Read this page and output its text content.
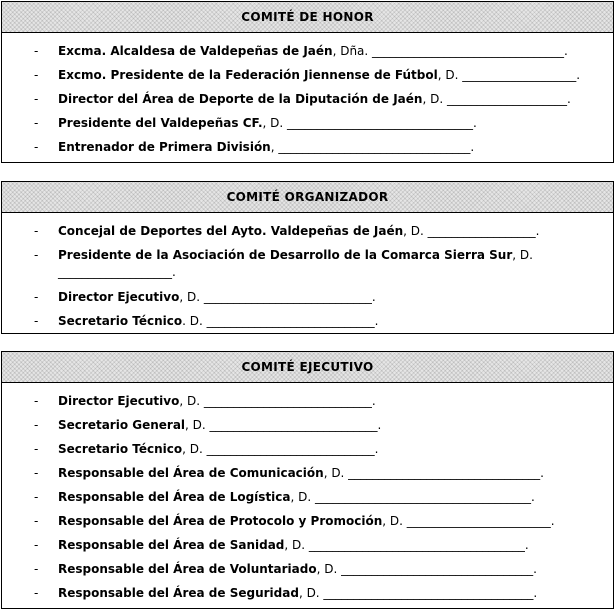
COMITÉ DE HONOR
- Excma. Alcaldesa de Valdepeñas de Jaén, Dña. ________________________________.
- Excmo. Presidente de la Federación Jiennense de Fútbol, D. ___________________.
- Director del Área de Deporte de la Diputación de Jaén, D. ____________________.
- Presidente del Valdepeñas CF., D. _______________________________.
- Entrenador de Primera División, ________________________________.
COMITÉ ORGANIZADOR
- Concejal de Deportes del Ayto. Valdepeñas de Jaén, D. __________________.
- Presidente de la Asociación de Desarrollo de la Comarca Sierra Sur, D. ___________________.
- Director Ejecutivo, D. ____________________________.
- Secretario Técnico. D. ____________________________.
COMITÉ EJECUTIVO
- Director Ejecutivo, D. ____________________________.
- Secretario General, D. ____________________________.
- Secretario Técnico, D. ____________________________.
- Responsable del Área de Comunicación, D. ________________________________.
- Responsable del Área de Logística, D. ____________________________________.
- Responsable del Área de Protocolo y Promoción, D. ________________________.
- Responsable del Área de Sanidad, D. ____________________________________.
- Responsable del Área de Voluntariado, D. ________________________________.
- Responsable del Área de Seguridad, D. ___________________________________.
